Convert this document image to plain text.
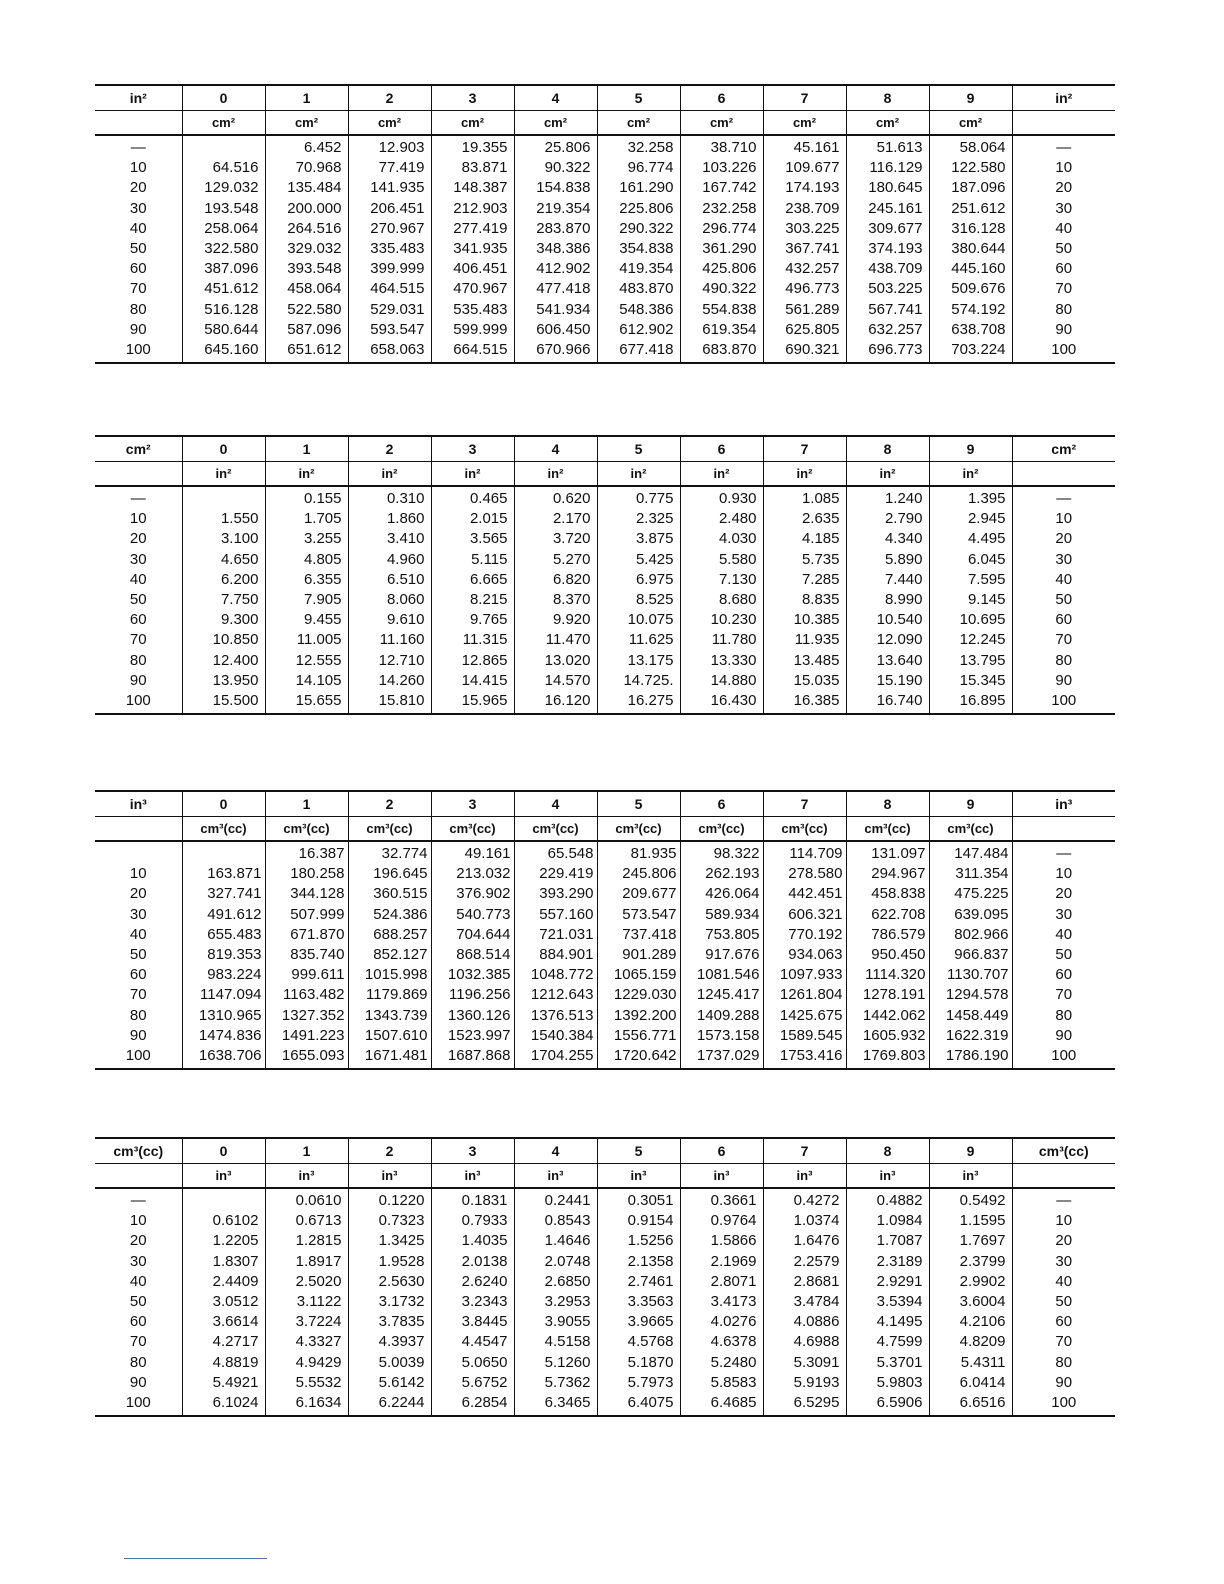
in²	0	1	2	3	4	5	6	7	8	9	in²
	cm²	cm²	cm²	cm²	cm²	cm²	cm²	cm²	cm²	cm²	
—		6.452	12.903	19.355	25.806	32.258	38.710	45.161	51.613	58.064	—
10	64.516	70.968	77.419	83.871	90.322	96.774	103.226	109.677	116.129	122.580	10
20	129.032	135.484	141.935	148.387	154.838	161.290	167.742	174.193	180.645	187.096	20
30	193.548	200.000	206.451	212.903	219.354	225.806	232.258	238.709	245.161	251.612	30
40	258.064	264.516	270.967	277.419	283.870	290.322	296.774	303.225	309.677	316.128	40
50	322.580	329.032	335.483	341.935	348.386	354.838	361.290	367.741	374.193	380.644	50
60	387.096	393.548	399.999	406.451	412.902	419.354	425.806	432.257	438.709	445.160	60
70	451.612	458.064	464.515	470.967	477.418	483.870	490.322	496.773	503.225	509.676	70
80	516.128	522.580	529.031	535.483	541.934	548.386	554.838	561.289	567.741	574.192	80
90	580.644	587.096	593.547	599.999	606.450	612.902	619.354	625.805	632.257	638.708	90
100	645.160	651.612	658.063	664.515	670.966	677.418	683.870	690.321	696.773	703.224	100
cm²	0	1	2	3	4	5	6	7	8	9	cm²
	in²	in²	in²	in²	in²	in²	in²	in²	in²	in²	
—		0.155	0.310	0.465	0.620	0.775	0.930	1.085	1.240	1.395	—
10	1.550	1.705	1.860	2.015	2.170	2.325	2.480	2.635	2.790	2.945	10
20	3.100	3.255	3.410	3.565	3.720	3.875	4.030	4.185	4.340	4.495	20
30	4.650	4.805	4.960	5.115	5.270	5.425	5.580	5.735	5.890	6.045	30
40	6.200	6.355	6.510	6.665	6.820	6.975	7.130	7.285	7.440	7.595	40
50	7.750	7.905	8.060	8.215	8.370	8.525	8.680	8.835	8.990	9.145	50
60	9.300	9.455	9.610	9.765	9.920	10.075	10.230	10.385	10.540	10.695	60
70	10.850	11.005	11.160	11.315	11.470	11.625	11.780	11.935	12.090	12.245	70
80	12.400	12.555	12.710	12.865	13.020	13.175	13.330	13.485	13.640	13.795	80
90	13.950	14.105	14.260	14.415	14.570	14.725.	14.880	15.035	15.190	15.345	90
100	15.500	15.655	15.810	15.965	16.120	16.275	16.430	16.385	16.740	16.895	100
in³	0	1	2	3	4	5	6	7	8	9	in³
	cm³(cc)	cm³(cc)	cm³(cc)	cm³(cc)	cm³(cc)	cm³(cc)	cm³(cc)	cm³(cc)	cm³(cc)	cm³(cc)	
		16.387	32.774	49.161	65.548	81.935	98.322	114.709	131.097	147.484	—
10	163.871	180.258	196.645	213.032	229.419	245.806	262.193	278.580	294.967	311.354	10
20	327.741	344.128	360.515	376.902	393.290	209.677	426.064	442.451	458.838	475.225	20
30	491.612	507.999	524.386	540.773	557.160	573.547	589.934	606.321	622.708	639.095	30
40	655.483	671.870	688.257	704.644	721.031	737.418	753.805	770.192	786.579	802.966	40
50	819.353	835.740	852.127	868.514	884.901	901.289	917.676	934.063	950.450	966.837	50
60	983.224	999.611	1015.998	1032.385	1048.772	1065.159	1081.546	1097.933	1114.320	1130.707	60
70	1147.094	1163.482	1179.869	1196.256	1212.643	1229.030	1245.417	1261.804	1278.191	1294.578	70
80	1310.965	1327.352	1343.739	1360.126	1376.513	1392.200	1409.288	1425.675	1442.062	1458.449	80
90	1474.836	1491.223	1507.610	1523.997	1540.384	1556.771	1573.158	1589.545	1605.932	1622.319	90
100	1638.706	1655.093	1671.481	1687.868	1704.255	1720.642	1737.029	1753.416	1769.803	1786.190	100
cm³(cc)	0	1	2	3	4	5	6	7	8	9	cm³(cc)
	in³	in³	in³	in³	in³	in³	in³	in³	in³	in³	
—		0.0610	0.1220	0.1831	0.2441	0.3051	0.3661	0.4272	0.4882	0.5492	—
10	0.6102	0.6713	0.7323	0.7933	0.8543	0.9154	0.9764	1.0374	1.0984	1.1595	10
20	1.2205	1.2815	1.3425	1.4035	1.4646	1.5256	1.5866	1.6476	1.7087	1.7697	20
30	1.8307	1.8917	1.9528	2.0138	2.0748	2.1358	2.1969	2.2579	2.3189	2.3799	30
40	2.4409	2.5020	2.5630	2.6240	2.6850	2.7461	2.8071	2.8681	2.9291	2.9902	40
50	3.0512	3.1122	3.1732	3.2343	3.2953	3.3563	3.4173	3.4784	3.5394	3.6004	50
60	3.6614	3.7224	3.7835	3.8445	3.9055	3.9665	4.0276	4.0886	4.1495	4.2106	60
70	4.2717	4.3327	4.3937	4.4547	4.5158	4.5768	4.6378	4.6988	4.7599	4.8209	70
80	4.8819	4.9429	5.0039	5.0650	5.1260	5.1870	5.2480	5.3091	5.3701	5.4311	80
90	5.4921	5.5532	5.6142	5.6752	5.7362	5.7973	5.8583	5.9193	5.9803	6.0414	90
100	6.1024	6.1634	6.2244	6.2854	6.3465	6.4075	6.4685	6.5295	6.5906	6.6516	100
